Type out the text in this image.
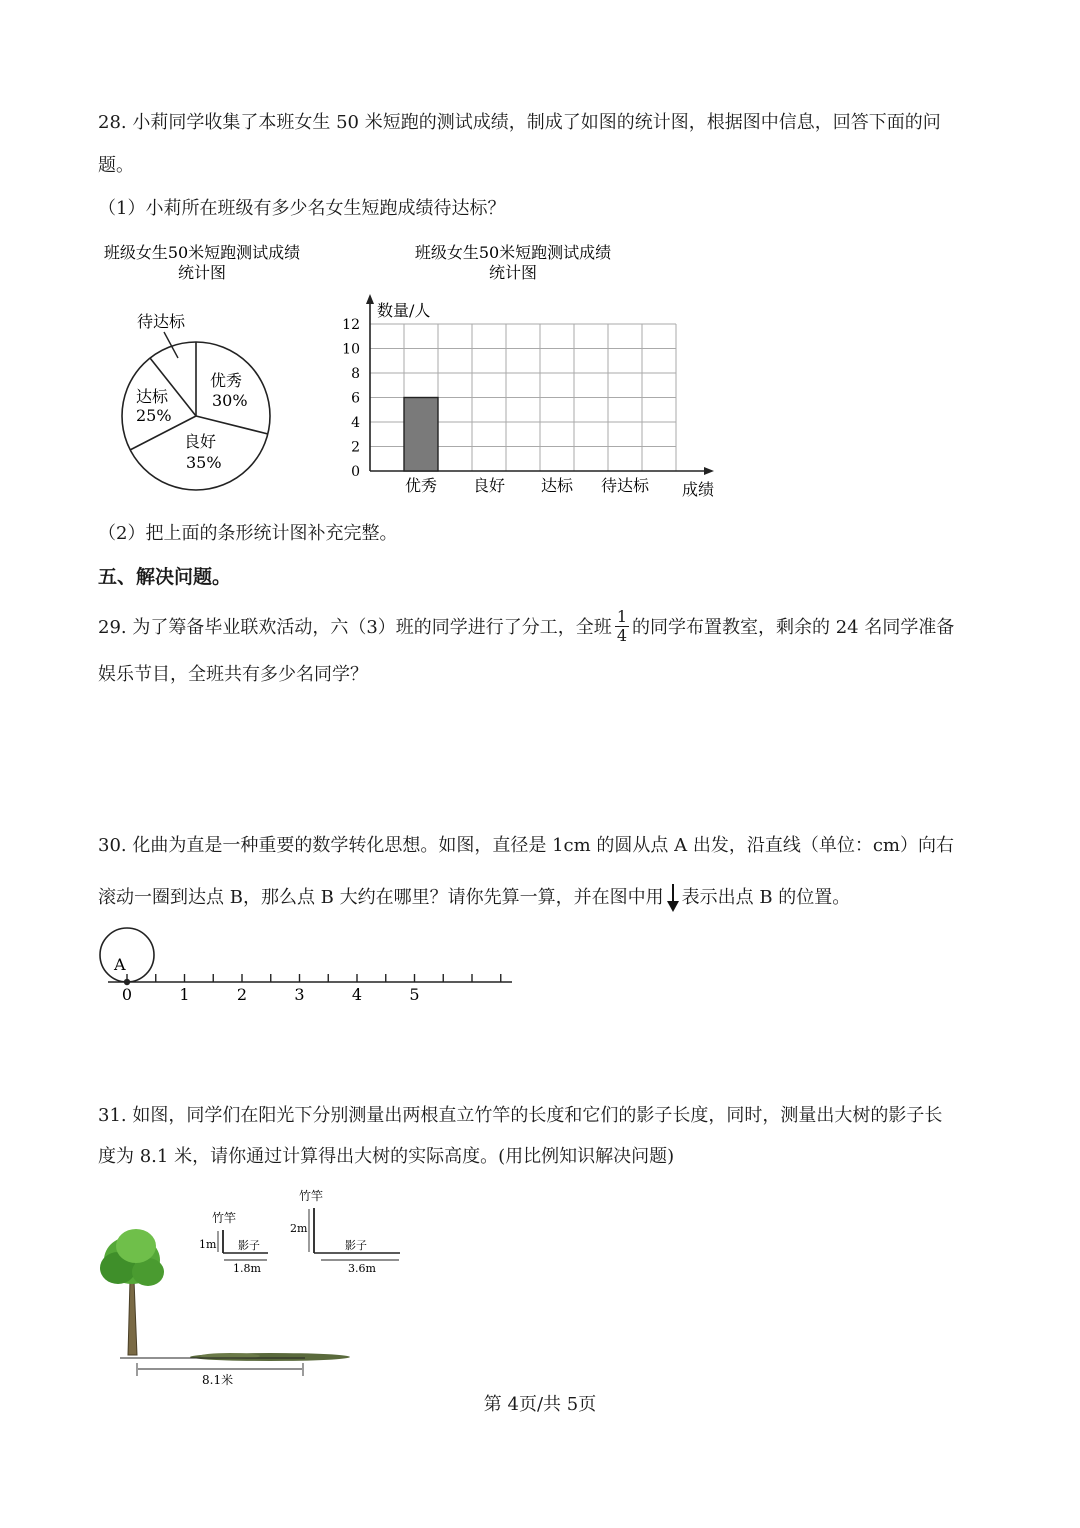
28. 小莉同学收集了本班女生 50 米短跑的测试成绩，制成了如图的统计图，根据图中信息，回答下面的问
题。
（1）小莉所在班级有多少名女生短跑成绩待达标？
班级女生50米短跑测试成绩
统计图
待达标
优秀
30%
达标
25%
良好
35%
班级女生50米短跑测试成绩
统计图
0
2
4
6
8
10
12
数量/人
成绩
优秀 良好 达标 待达标
（2）把上面的条形统计图补充完整。
五、解决问题。
29. 为了筹备毕业联欢活动，六（3）班的同学进行了分工，全班 $\frac{1}{4}$ 的同学布置教室，剩余的 24 名同学准备
娱乐节目，全班共有多少名同学？
30. 化曲为直是一种重要的数学转化思想。如图，直径是 1cm 的圆从点 A 出发，沿直线（单位：cm）向右
滚动一圈到达点 B，那么点 B 大约在哪里？请你先算一算，并在图中用 表示出点 B 的位置。
A
0	1	2	3	4	5
31. 如图，同学们在阳光下分别测量出两根直立竹竿的长度和它们的影子长度，同时，测量出大树的影子长
度为 8.1 米，请你通过计算得出大树的实际高度。(用比例知识解决问题)
竹竿
1m 影子
1.8m
竹竿
2m
影子
3.6m
8.1米
第 4页/共 5页
